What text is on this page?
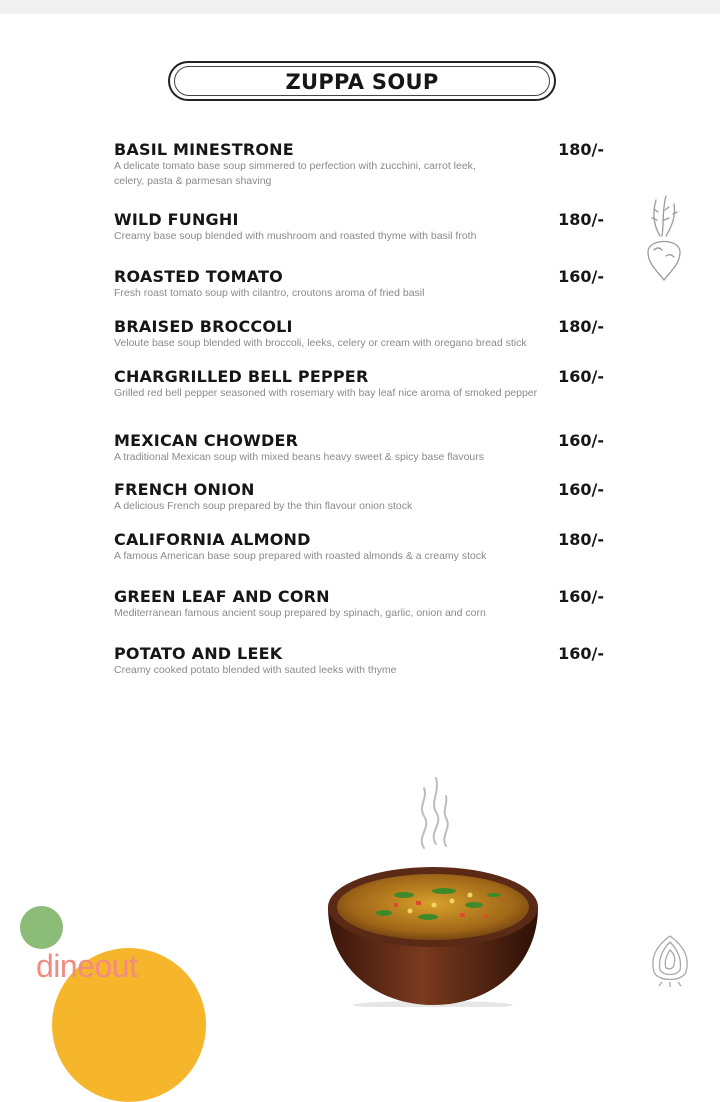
ZUPPA SOUP
BASIL MINESTRONE	180/-
A delicate tomato base soup simmered to perfection with zucchini, carrot leek, celery, pasta & parmesan shaving
WILD FUNGHI	180/-
Creamy base soup blended with mushroom and roasted thyme with basil froth
ROASTED TOMATO	160/-
Fresh roast tomato soup with cilantro, croutons aroma of fried basil
BRAISED BROCCOLI	180/-
Veloute base soup blended with broccoli, leeks, celery or cream with oregano bread stick
CHARGRILLED BELL PEPPER	160/-
Grilled red bell pepper seasoned with rosemary with bay leaf nice aroma of smoked pepper
MEXICAN CHOWDER	160/-
A traditional Mexican soup with mixed beans heavy sweet & spicy base flavours
FRENCH ONION	160/-
A delicious French soup prepared by the thin flavour onion stock
CALIFORNIA ALMOND	180/-
A famous American base soup prepared with roasted almonds & a creamy stock
GREEN LEAF AND CORN	160/-
Mediterranean famous ancient soup prepared by spinach, garlic, onion and corn
POTATO AND LEEK	160/-
Creamy cooked potato blended with sauted leeks with thyme
dineout
